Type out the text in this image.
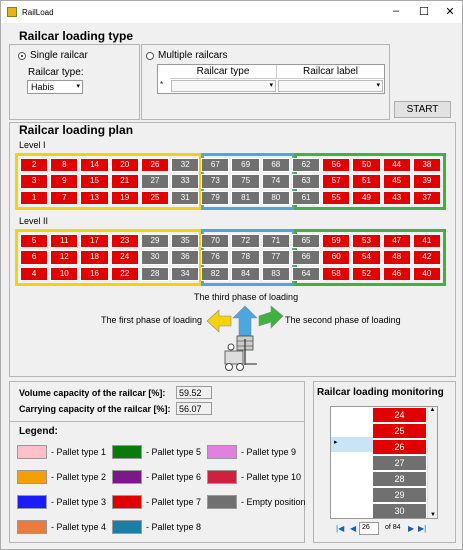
RailLoad	–	☐	✕
Railcar loading type
Single railcar
Railcar type:
Habis	▾
Multiple railcars
Railcar type	Railcar label
*	▾	▾
START
Railcar loading plan
Level I
2	8	14	20	26	32	67	69	68	62	56	50	44	38
3	9	15	21	27	33	73	75	74	63	57	51	45	39
1	7	13	19	25	31	79	81	80	61	55	49	43	37
Level II
5	11	17	23	29	35	70	72	71	65	59	53	47	41
6	12	18	24	30	36	76	78	77	66	60	54	48	42
4	10	16	22	28	34	82	84	83	64	58	52	46	40
The third phase of loading
The first phase of loading	The second phase of loading
Volume capacity of the railcar [%]:	59.52
Carrying capacity of the railcar [%]: 56.07
Legend:
- Pallet type 1
- Pallet type 2
- Pallet type 3
- Pallet type 4
- Pallet type 5
- Pallet type 6
- Pallet type 7
- Pallet type 8
- Pallet type 9
- Pallet type 10
- Empty position
Railcar loading monitoring
▸
▲
▼
24
25
26
27
28
29
30
|◀ ◀ 26	of 84 ▶ ▶|
